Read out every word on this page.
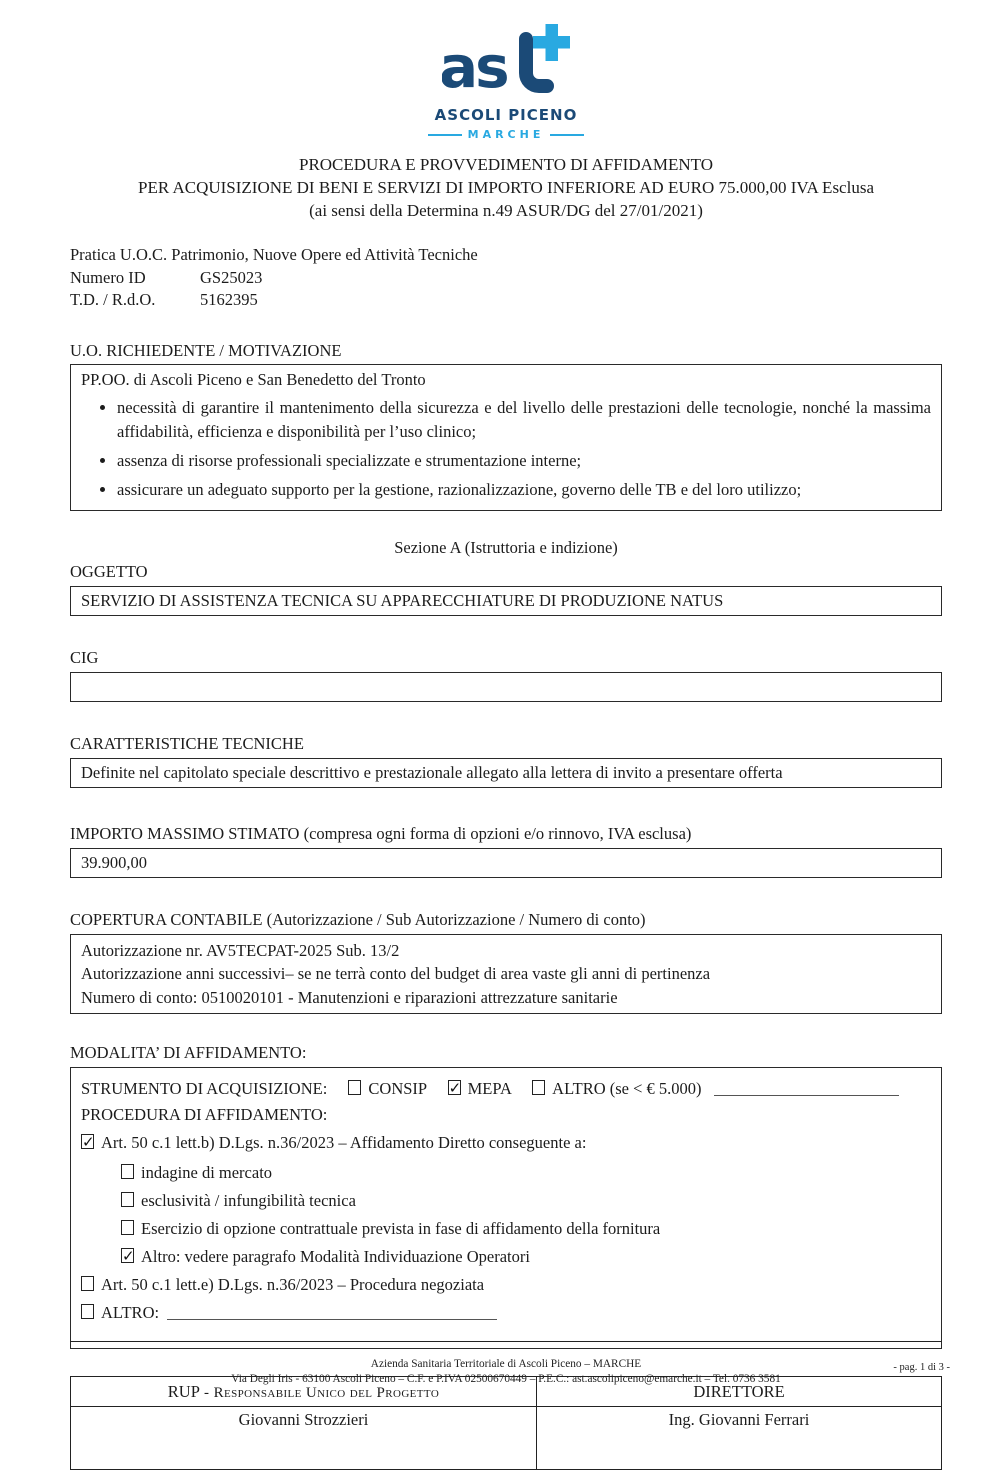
as
ASCOLI PICENO
MARCHE
PROCEDURA E PROVVEDIMENTO DI AFFIDAMENTO
PER ACQUISIZIONE DI BENI E SERVIZI DI IMPORTO INFERIORE AD EURO 75.000,00 IVA Esclusa
(ai sensi della Determina n.49 ASUR/DG del 27/01/2021)
Pratica U.O.C. Patrimonio, Nuove Opere ed Attività Tecniche
Numero ID	GS25023
T.D. / R.d.O.	5162395
U.O. RICHIEDENTE / MOTIVAZIONE
PP.OO. di Ascoli Piceno e San Benedetto del Tronto
• necessità di garantire il mantenimento della sicurezza e del livello delle prestazioni delle tecnologie, nonché la massima affidabilità, efficienza e disponibilità per l’uso clinico;
• assenza di risorse professionali specializzate e strumentazione interne;
• assicurare un adeguato supporto per la gestione, razionalizzazione, governo delle TB e del loro utilizzo;
Sezione A (Istruttoria e indizione)
OGGETTO
SERVIZIO DI ASSISTENZA TECNICA SU APPARECCHIATURE DI PRODUZIONE NATUS
CIG
CARATTERISTICHE TECNICHE
Definite nel capitolato speciale descrittivo e prestazionale allegato alla lettera di invito a presentare offerta
IMPORTO MASSIMO STIMATO (compresa ogni forma di opzioni e/o rinnovo, IVA esclusa)
39.900,00
COPERTURA CONTABILE (Autorizzazione / Sub Autorizzazione / Numero di conto)
Autorizzazione nr. AV5TECPAT-2025 Sub. 13/2
Autorizzazione anni successivi– se ne terrà conto del budget di area vaste gli anni di pertinenza
Numero di conto: 0510020101 - Manutenzioni e riparazioni attrezzature sanitarie
MODALITA’ DI AFFIDAMENTO:
STRUMENTO DI ACQUISIZIONE: CONSIP ✓ MEPA ALTRO (se < € 5.000)
PROCEDURA DI AFFIDAMENTO:
✓Art. 50 c.1 lett.b) D.Lgs. n.36/2023 – Affidamento Diretto conseguente a:
indagine di mercato
esclusività / infungibilità tecnica
Esercizio di opzione contrattuale prevista in fase di affidamento della fornitura
✓Altro: vedere paragrafo Modalità Individuazione Operatori
Art. 50 c.1 lett.e) D.Lgs. n.36/2023 – Procedura negoziata
ALTRO:
RUP - Responsabile Unico del Progetto	DIRETTORE
Giovanni Strozzieri	Ing. Giovanni Ferrari
Azienda Sanitaria Territoriale di Ascoli Piceno – MARCHE
Via Degli Iris - 63100 Ascoli Piceno – C.F. e P.IVA 02500670449 – P.E.C.: ast.ascolipiceno@emarche.it – Tel. 0736 3581
- pag. 1 di 3 -
